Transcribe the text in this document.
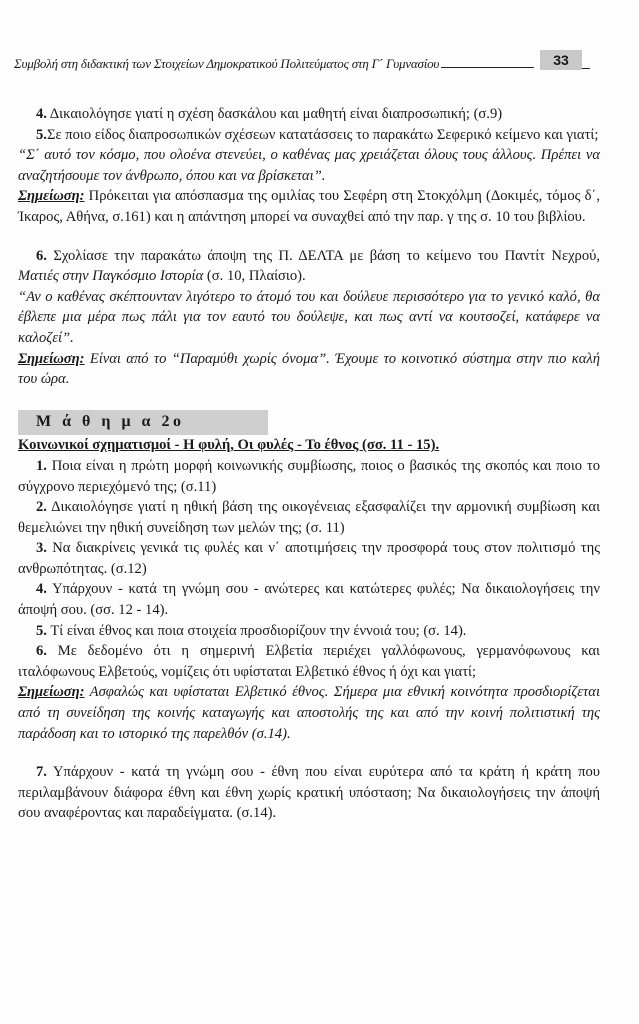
Συμβολή στη διδακτική των Στοιχείων Δημοκρατικού Πολιτεύματος στη Γ΄ Γυμνασίου	33

4. Δικαιολόγησε γιατί η σχέση δασκάλου και μαθητή είναι διαπροσωπική; (σ.9)

5.Σε ποιο είδος διαπροσωπικών σχέσεων κατατάσσεις το παρακάτω Σεφερικό κείμενο και γιατί;

“Σ΄ αυτό τον κόσμο, που ολοένα στενεύει, ο καθένας μας χρειάζεται όλους τους άλλους. Πρέπει να αναζητήσουμε τον άνθρωπο, όπου και να βρίσκεται”.

Σημείωση: Πρόκειται για απόσπασμα της ομιλίας του Σεφέρη στη Στοκχόλμη (Δοκιμές, τόμος δ΄, Ίκαρος, Αθήνα, σ.161) και η απάντηση μπορεί να συναχθεί από την παρ. γ της σ. 10 του βιβλίου.

6. Σχολίασε την παρακάτω άποψη της Π. ΔΕΛΤΑ με βάση το κείμενο του Παντίτ Νεχρού, Ματιές στην Παγκόσμιο Ιστορία (σ. 10, Πλαίσιο).

“Αν ο καθένας σκέπτουνταν λιγότερο το άτομό του και δούλευε περισσότερο για το γενικό καλό, θα έβλεπε μια μέρα πως πάλι για τον εαυτό του δούλεψε, και πως αντί να κουτσοζεί, κατάφερε να καλοζεί”.

Σημείωση: Είναι από το “Παραμύθι χωρίς όνομα”. Έχουμε το κοινοτικό σύστημα στην πιο καλή του ώρα.

Μ ά θ η μ α 2ο

Κοινωνικοί σχηματισμοί - Η φυλή, Οι φυλές - Το έθνος (σσ. 11 - 15).

1. Ποια είναι η πρώτη μορφή κοινωνικής συμβίωσης, ποιος ο βασικός της σκοπός και ποιο το σύγχρονο περιεχόμενό της; (σ.11)

2. Δικαιολόγησε γιατί η ηθική βάση της οικογένειας εξασφαλίζει την αρμονική συμβίωση και θεμελιώνει την ηθική συνείδηση των μελών της; (σ. 11)

3. Να διακρίνεις γενικά τις φυλές και ν΄ αποτιμήσεις την προσφορά τους στον πολιτισμό της ανθρωπότητας. (σ.12)

4. Υπάρχουν - κατά τη γνώμη σου - ανώτερες και κατώτερες φυλές; Να δικαιολογήσεις την άποψή σου. (σσ. 12 - 14).

5. Τί είναι έθνος και ποια στοιχεία προσδιορίζουν την έννοιά του; (σ. 14).

6. Με δεδομένο ότι η σημερινή Ελβετία περιέχει γαλλόφωνους, γερμανόφωνους και ιταλόφωνους Ελβετούς, νομίζεις ότι υφίσταται Ελβετικό έθνος ή όχι και γιατί;

Σημείωση: Ασφαλώς και υφίσταται Ελβετικό έθνος. Σήμερα μια εθνική κοινότητα προσδιορίζεται από τη συνείδηση της κοινής καταγωγής και αποστολής της και από την κοινή πολιτιστική της παράδοση και το ιστορικό της παρελθόν (σ.14).

7. Υπάρχουν - κατά τη γνώμη σου - έθνη που είναι ευρύτερα από τα κράτη ή κράτη που περιλαμβάνουν διάφορα έθνη και έθνη χωρίς κρατική υπόσταση; Να δικαιολογήσεις την άποψή σου αναφέροντας και παραδείγματα. (σ.14).
